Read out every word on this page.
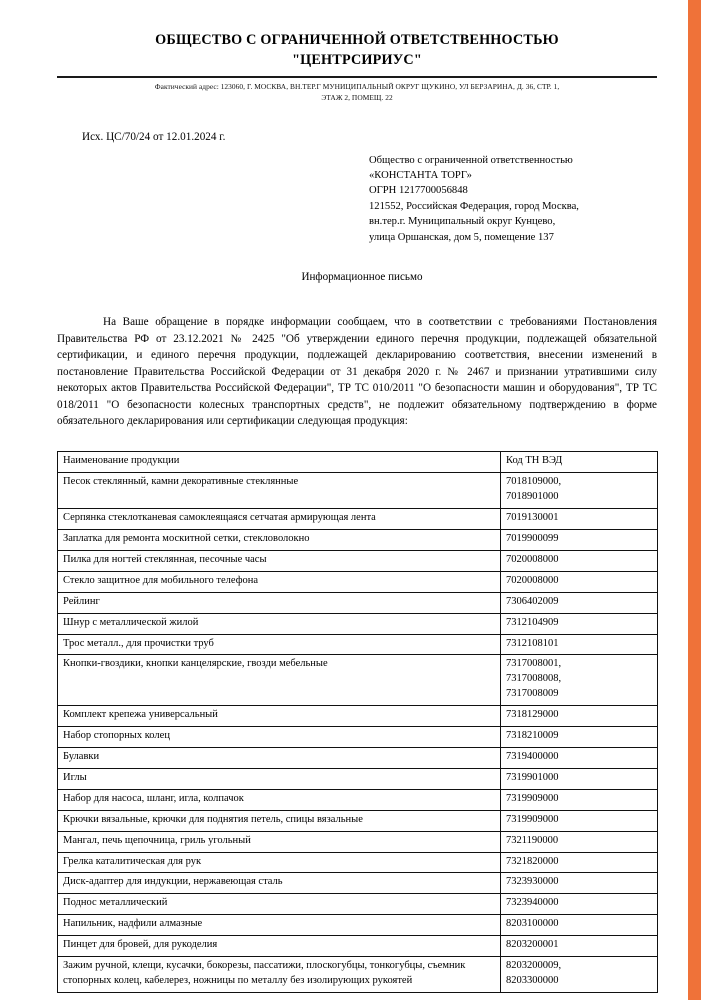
ОБЩЕСТВО С ОГРАНИЧЕННОЙ ОТВЕТСТВЕННОСТЬЮ
"ЦЕНТРСИРИУС"
Фактический адрес: 123060, Г. МОСКВА, ВН.ТЕР.Г МУНИЦИПАЛЬНЫЙ ОКРУГ ЩУКИНО, УЛ БЕРЗАРИНА, Д. 36, СТР. 1,
ЭТАЖ 2, ПОМЕЩ. 22
Исх. ЦС/70/24 от 12.01.2024 г.
Общество с ограниченной ответственностью
«КОНСТАНТА ТОРГ»
ОГРН 1217700056848
121552, Российская Федерация, город Москва,
вн.тер.г. Муниципальный округ Кунцево,
улица Оршанская, дом 5, помещение 137
Информационное письмо
На Ваше обращение в порядке информации сообщаем, что в соответствии с требованиями Постановления Правительства РФ от 23.12.2021 № 2425 "Об утверждении единого перечня продукции, подлежащей обязательной сертификации, и единого перечня продукции, подлежащей декларированию соответствия, внесении изменений в постановление Правительства Российской Федерации от 31 декабря 2020 г. № 2467 и признании утратившими силу некоторых актов Правительства Российской Федерации", ТР ТС 010/2011 "О безопасности машин и оборудования", ТР ТС 018/2011 "О безопасности колесных транспортных средств", не подлежит обязательному подтверждению в форме обязательного декларирования или сертификации следующая продукция:
Наименование продукции	Код ТН ВЭД
Песок стеклянный, камни декоративные стеклянные	7018109000,
7018901000

Серпянка стеклотканевая самоклеящаяся сетчатая армирующая лента	7019130001

Заплатка для ремонта москитной сетки, стекловолокно	7019900099

Пилка для ногтей стеклянная, песочные часы	7020008000

Стекло защитное для мобильного телефона	7020008000

Рейлинг	7306402009

Шнур с металлической жилой	7312104909

Трос металл., для прочистки труб	7312108101

Кнопки-гвоздики, кнопки канцелярские, гвозди мебельные	7317008001,
7317008008,
7317008009

Комплект крепежа универсальный	7318129000

Набор стопорных колец	7318210009

Булавки	7319400000

Иглы	7319901000

Набор для насоса, шланг, игла, колпачок	7319909000

Крючки вязальные, крючки для поднятия петель, спицы вязальные	7319909000

Мангал, печь щепочница, гриль угольный	7321190000

Грелка каталитическая для рук	7321820000

Диск-адаптер для индукции, нержавеющая сталь	7323930000

Поднос металлический	7323940000

Напильник, надфили алмазные	8203100000

Пинцет для бровей, для рукоделия	8203200001

Зажим ручной, клещи, кусачки, бокорезы, пассатижи, плоскогубцы, тонкогубцы, съемник стопорных колец, кабелерез, ножницы по металлу без изолирующих рукоятей	8203200009,
8203300000
